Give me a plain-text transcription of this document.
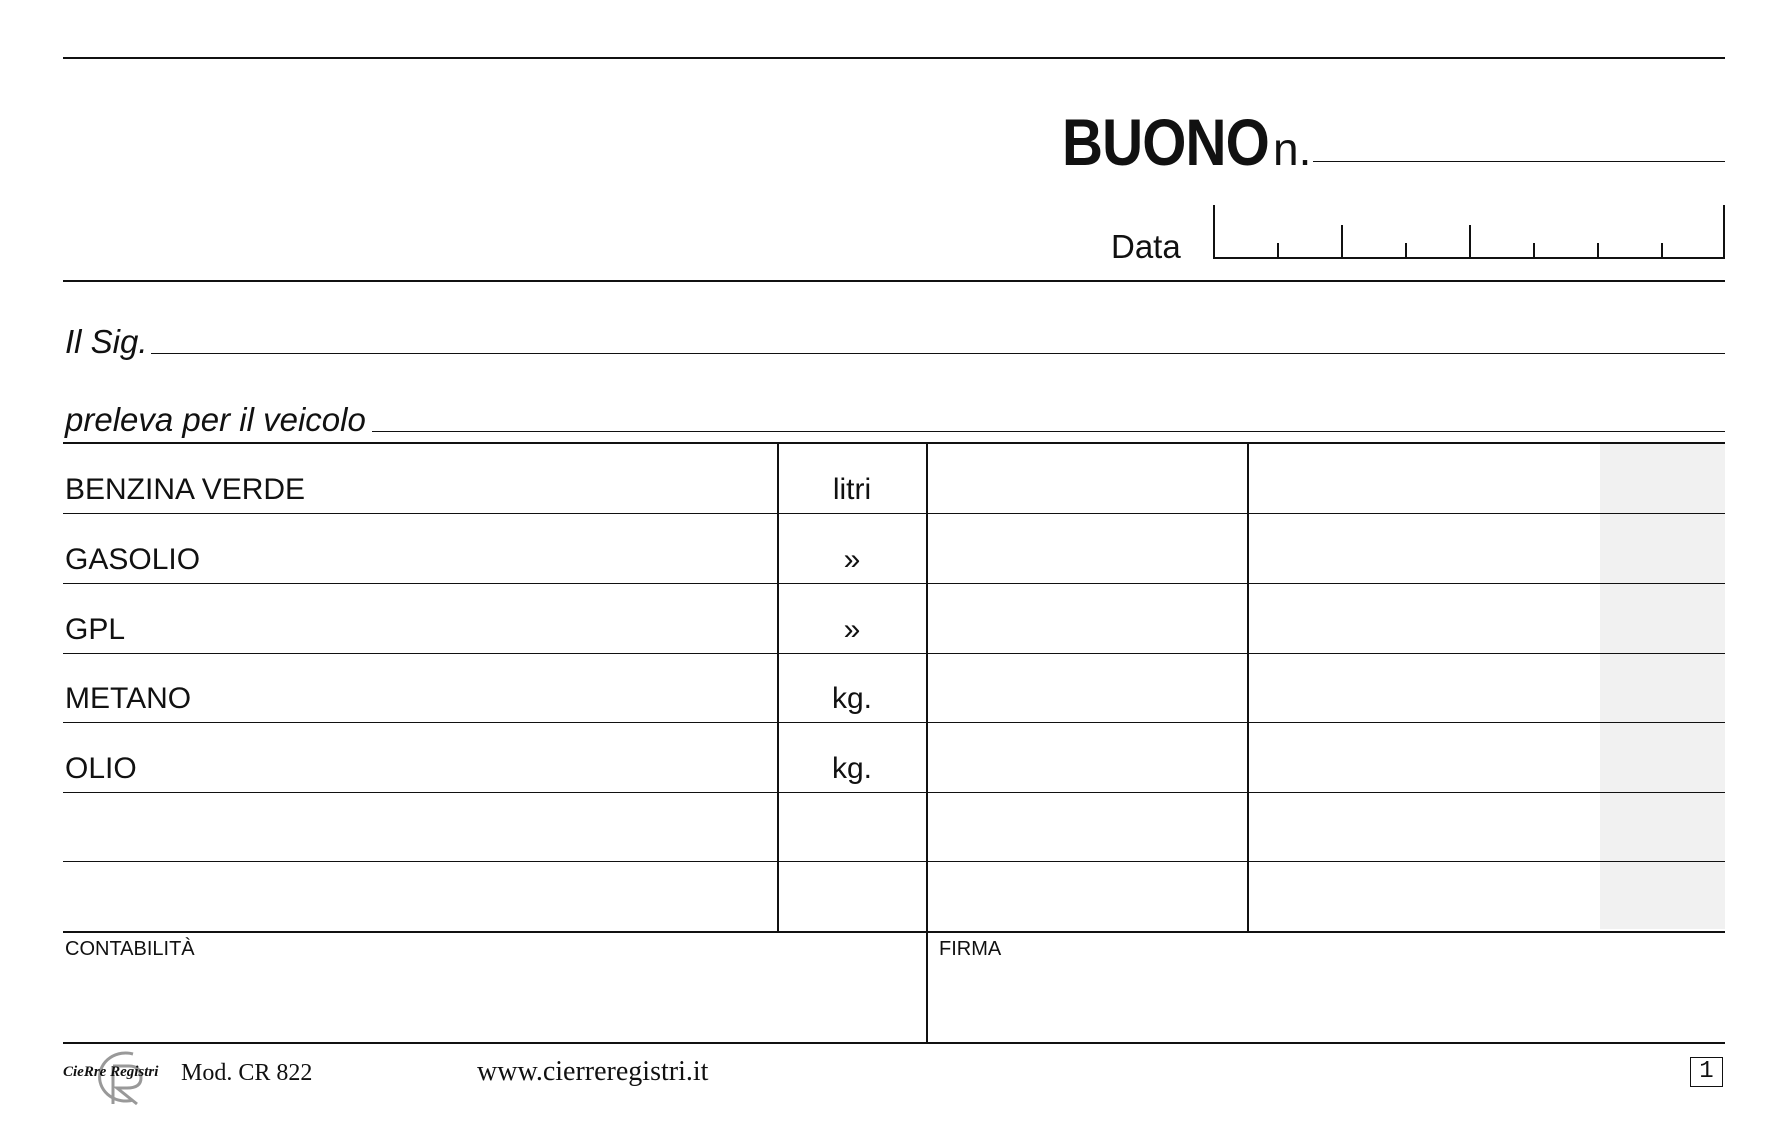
BUONO n.
Data
Il Sig.
preleva per il veicolo
BENZINA VERDE	litri
GASOLIO	»
GPL	»
METANO	kg.
OLIO	kg.
CONTABILITÀ	FIRMA
CieRre Registri Mod. CR 822	www.cierreregistri.it	1
